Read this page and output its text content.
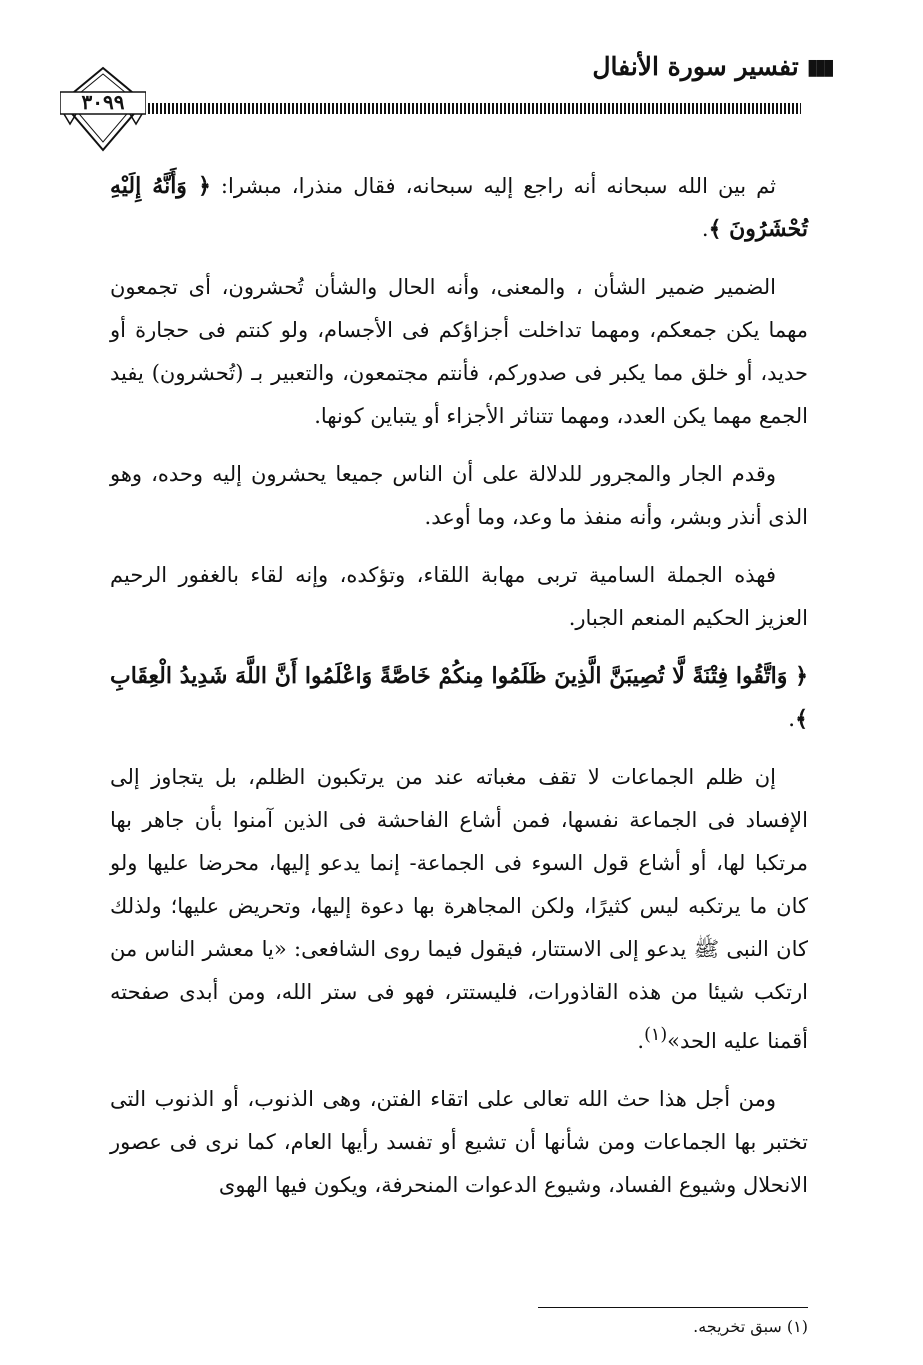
▮▮▮
تفسير سورة الأنفال
٣٠٩٩

ثم بين الله سبحانه أنه راجع إليه سبحانه، فقال منذرا، مبشرا: ﴿ وَأَنَّهُ إِلَيْهِ تُحْشَرُونَ ﴾.

الضمير ضمير الشأن ، والمعنى، وأنه الحال والشأن تُحشرون، أى تجمعون مهما يكن جمعكم، ومهما تداخلت أجزاؤكم فى الأجسام، ولو كنتم فى حجارة أو حديد، أو خلق مما يكبر فى صدوركم، فأنتم مجتمعون، والتعبير بـ (تُحشرون) يفيد الجمع مهما يكن العدد، ومهما تتناثر الأجزاء أو يتباين كونها.

وقدم الجار والمجرور للدلالة على أن الناس جميعا يحشرون إليه وحده، وهو الذى أنذر وبشر، وأنه منفذ ما وعد، وما أوعد.

فهذه الجملة السامية تربى مهابة اللقاء، وتؤكده، وإنه لقاء بالغفور الرحيم العزيز الحكيم المنعم الجبار.

﴿ وَاتَّقُوا فِتْنَةً لَّا تُصِيبَنَّ الَّذِينَ ظَلَمُوا مِنكُمْ خَاصَّةً وَاعْلَمُوا أَنَّ اللَّهَ شَدِيدُ الْعِقَابِ ﴾.

إن ظلم الجماعات لا تقف مغباته عند من يرتكبون الظلم، بل يتجاوز إلى الإفساد فى الجماعة نفسها، فمن أشاع الفاحشة فى الذين آمنوا بأن جاهر بها مرتكبا لها، أو أشاع قول السوء فى الجماعة- إنما يدعو إليها، محرضا عليها ولو كان ما يرتكبه ليس كثيرًا، ولكن المجاهرة بها دعوة إليها، وتحريض عليها؛ ولذلك كان النبى ﷺ يدعو إلى الاستتار، فيقول فيما روى الشافعى: «يا معشر الناس من ارتكب شيئا من هذه القاذورات، فليستتر، فهو فى ستر الله، ومن أبدى صفحته أقمنا عليه الحد»$^{(١)}$.

ومن أجل هذا حث الله تعالى على اتقاء الفتن، وهى الذنوب، أو الذنوب التى تختبر بها الجماعات ومن شأنها أن تشيع أو تفسد رأيها العام، كما نرى فى عصور الانحلال وشيوع الفساد، وشيوع الدعوات المنحرفة، ويكون فيها الهوى

(١) سبق تخريجه.
